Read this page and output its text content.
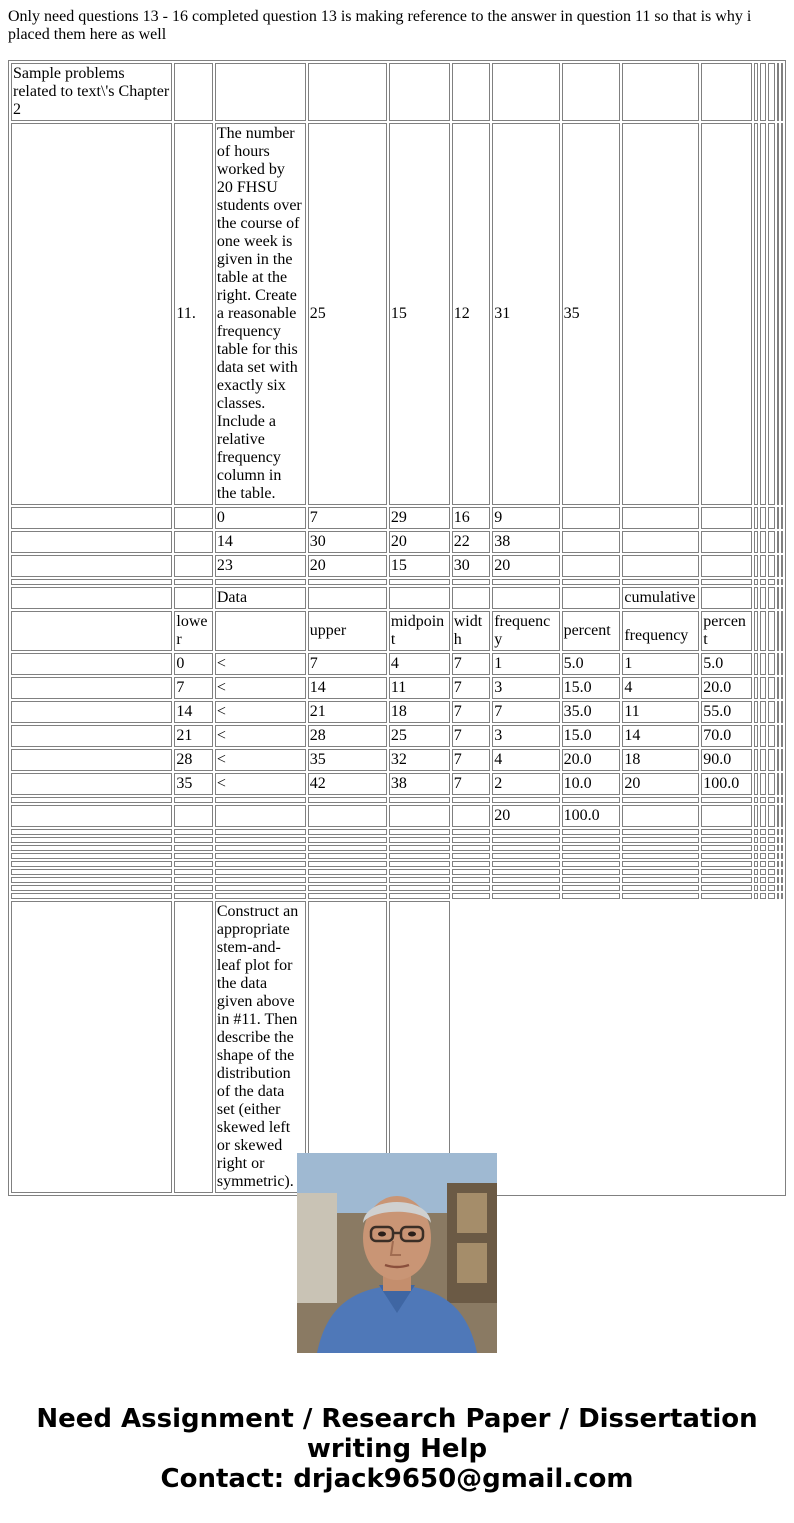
Only need questions 13 - 16 completed question 13 is making reference to the answer in question 11 so that is why i placed them here as well

Sample problems related to text\'s Chapter 2														
	11.	The number of hours worked by 20 FHSU students over the course of one week is given in the table at the right. Create a reasonable frequency table for this data set with exactly six classes. Include a relative frequency column in the table.	25	15	12	31	35							
		0	7	29	16	9								
		14	30	20	22	38								
		23	20	15	30	20								

		Data						cumulative						
	lower		upper	midpoint	width	frequency	percent	frequency	percent					
	0	<	7	4	7	1	5.0	1	5.0					
	7	<	14	11	7	3	15.0	4	20.0					
	14	<	21	18	7	7	35.0	11	55.0					
	21	<	28	25	7	3	15.0	14	70.0					
	28	<	35	32	7	4	20.0	18	90.0					
	35	<	42	38	7	2	10.0	20	100.0					

						20	100.0							

		Construct an appropriate stem-and-leaf plot for the data given above in #11. Then describe the shape of the distribution of the data set (either skewed left or skewed right or symmetric).												
Need Assignment / Research Paper / Dissertation
writing Help
Contact: drjack9650@gmail.com
